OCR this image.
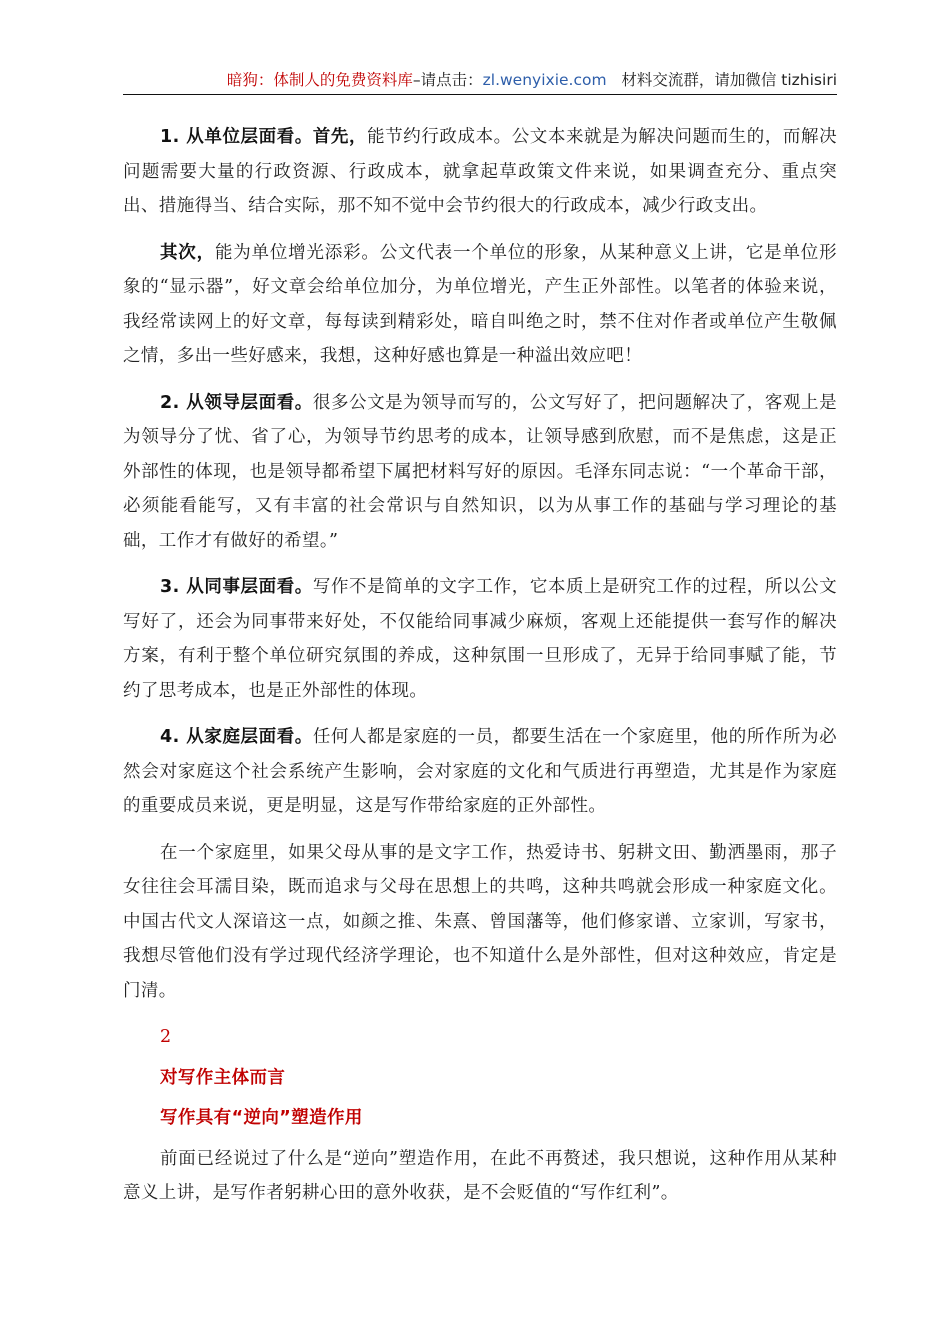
暗狗：体制人的免费资料库–请点击：zl.wenyixie.com   材料交流群，请加微信 tizhisiri

1. 从单位层面看。首先，能节约行政成本。公文本来就是为解决问题而生的，而解决问题需要大量的行政资源、行政成本，就拿起草政策文件来说，如果调查充分、重点突出、措施得当、结合实际，那不知不觉中会节约很大的行政成本，减少行政支出。

其次，能为单位增光添彩。公文代表一个单位的形象，从某种意义上讲，它是单位形象的“显示器”，好文章会给单位加分，为单位增光，产生正外部性。以笔者的体验来说，我经常读网上的好文章，每每读到精彩处，暗自叫绝之时，禁不住对作者或单位产生敬佩之情，多出一些好感来，我想，这种好感也算是一种溢出效应吧！

2. 从领导层面看。很多公文是为领导而写的，公文写好了，把问题解决了，客观上是为领导分了忧、省了心，为领导节约思考的成本，让领导感到欣慰，而不是焦虑，这是正外部性的体现，也是领导都希望下属把材料写好的原因。毛泽东同志说：“一个革命干部，必须能看能写，又有丰富的社会常识与自然知识，以为从事工作的基础与学习理论的基础，工作才有做好的希望。”

3. 从同事层面看。写作不是简单的文字工作，它本质上是研究工作的过程，所以公文写好了，还会为同事带来好处，不仅能给同事减少麻烦，客观上还能提供一套写作的解决方案，有利于整个单位研究氛围的养成，这种氛围一旦形成了，无异于给同事赋了能，节约了思考成本，也是正外部性的体现。

4. 从家庭层面看。任何人都是家庭的一员，都要生活在一个家庭里，他的所作所为必然会对家庭这个社会系统产生影响，会对家庭的文化和气质进行再塑造，尤其是作为家庭的重要成员来说，更是明显，这是写作带给家庭的正外部性。

在一个家庭里，如果父母从事的是文字工作，热爱诗书、躬耕文田、勤洒墨雨，那子女往往会耳濡目染，既而追求与父母在思想上的共鸣，这种共鸣就会形成一种家庭文化。中国古代文人深谙这一点，如颜之推、朱熹、曾国藩等，他们修家谱、立家训，写家书，我想尽管他们没有学过现代经济学理论，也不知道什么是外部性，但对这种效应，肯定是门清。

2

对写作主体而言

写作具有“逆向”塑造作用

前面已经说过了什么是“逆向”塑造作用，在此不再赘述，我只想说，这种作用从某种意义上讲，是写作者躬耕心田的意外收获，是不会贬值的“写作红利”。
